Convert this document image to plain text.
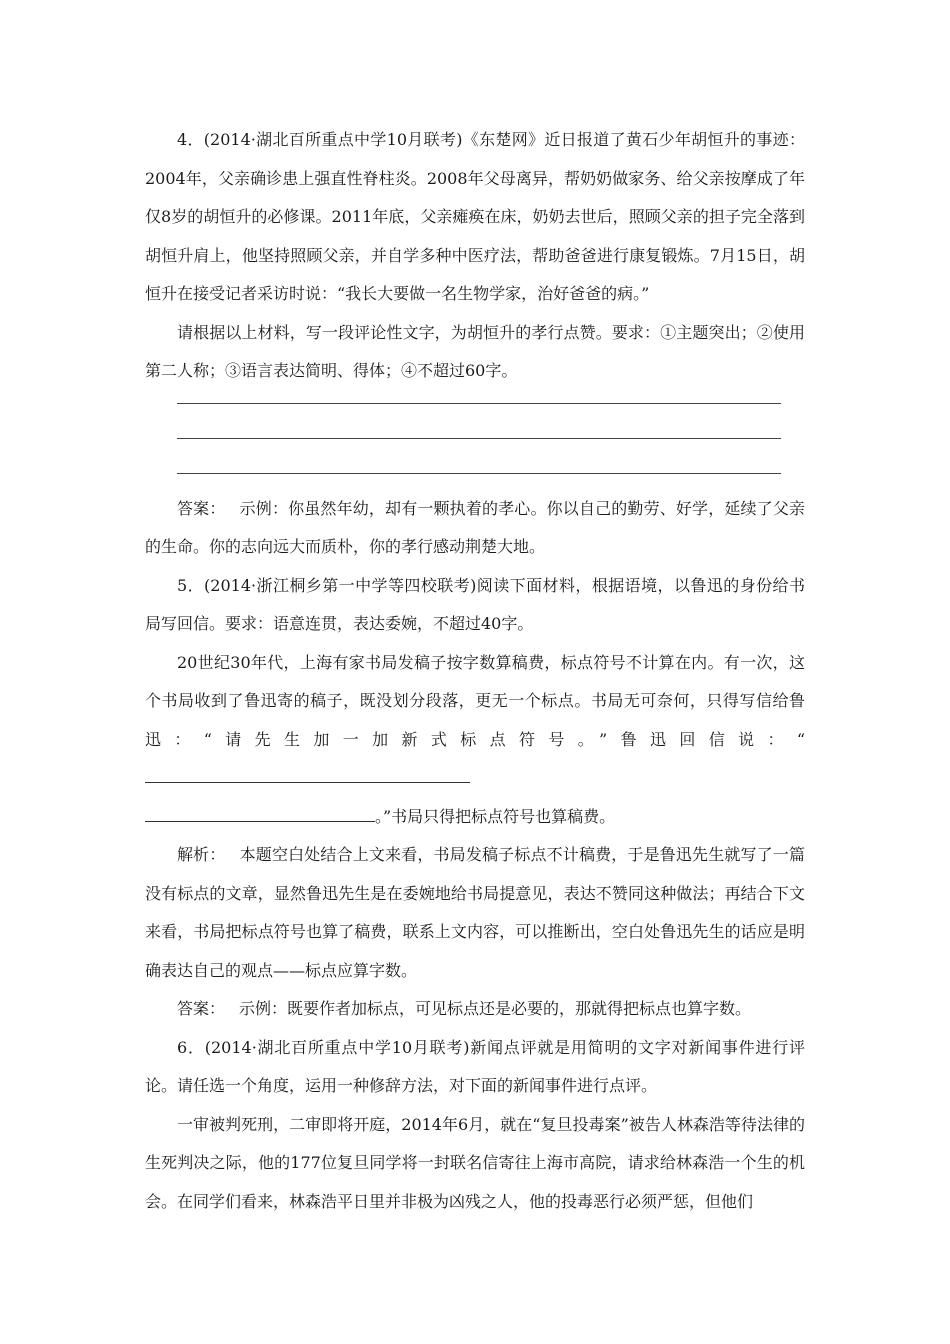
4．(2014·湖北百所重点中学10月联考)《东楚网》近日报道了黄石少年胡恒升的事迹：2004年，父亲确诊患上强直性脊柱炎。2008年父母离异，帮奶奶做家务、给父亲按摩成了年仅8岁的胡恒升的必修课。2011年底，父亲瘫痪在床，奶奶去世后，照顾父亲的担子完全落到胡恒升肩上，他坚持照顾父亲，并自学多种中医疗法，帮助爸爸进行康复锻炼。7月15日，胡恒升在接受记者采访时说：“我长大要做一名生物学家，治好爸爸的病。”

请根据以上材料，写一段评论性文字，为胡恒升的孝行点赞。要求：①主题突出；②使用第二人称；③语言表达简明、得体；④不超过60字。

答案： 示例：你虽然年幼，却有一颗执着的孝心。你以自己的勤劳、好学，延续了父亲的生命。你的志向远大而质朴，你的孝行感动荆楚大地。

5．(2014·浙江桐乡第一中学等四校联考)阅读下面材料，根据语境，以鲁迅的身份给书局写回信。要求：语意连贯，表达委婉，不超过40字。

20世纪30年代，上海有家书局发稿子按字数算稿费，标点符号不计算在内。有一次，这个书局收到了鲁迅寄的稿子，既没划分段落，更无一个标点。书局无可奈何，只得写信给鲁迅：“请先生加一加新式标点符号。”鲁迅回信说：“
。”书局只得把标点符号也算稿费。

解析： 本题空白处结合上文来看，书局发稿子标点不计稿费，于是鲁迅先生就写了一篇没有标点的文章，显然鲁迅先生是在委婉地给书局提意见，表达不赞同这种做法；再结合下文来看，书局把标点符号也算了稿费，联系上文内容，可以推断出，空白处鲁迅先生的话应是明确表达自己的观点——标点应算字数。

答案： 示例：既要作者加标点，可见标点还是必要的，那就得把标点也算字数。

6．(2014·湖北百所重点中学10月联考)新闻点评就是用简明的文字对新闻事件进行评论。请任选一个角度，运用一种修辞方法，对下面的新闻事件进行点评。

一审被判死刑，二审即将开庭，2014年6月，就在“复旦投毒案”被告人林森浩等待法律的生死判决之际，他的177位复旦同学将一封联名信寄往上海市高院，请求给林森浩一个生的机会。在同学们看来，林森浩平日里并非极为凶残之人，他的投毒恶行必须严惩，但他们
